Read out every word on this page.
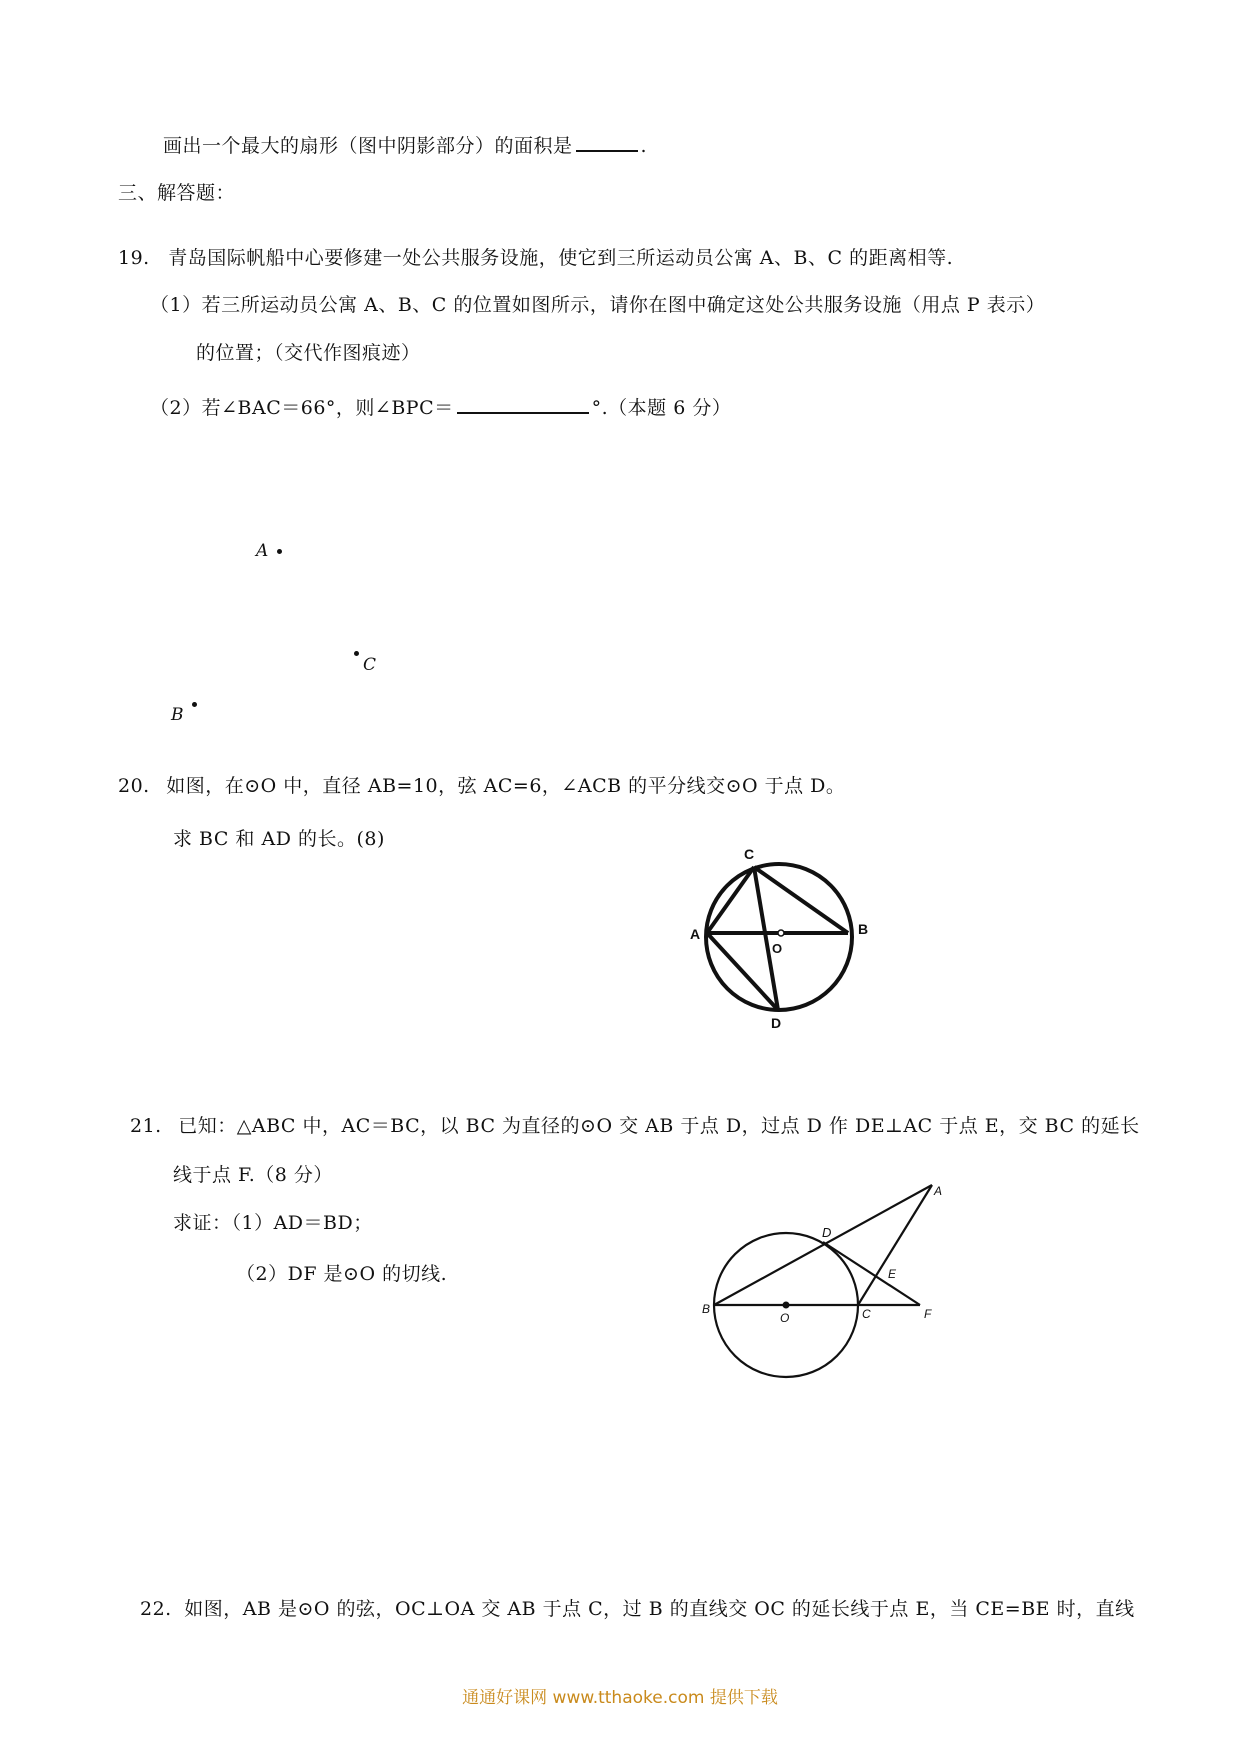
画出一个最大的扇形（图中阴影部分）的面积是	.
三、解答题：
19. 青岛国际帆船中心要修建一处公共服务设施，使它到三所运动员公寓 A、B、C 的距离相等.
（1）若三所运动员公寓 A、B、C 的位置如图所示，请你在图中确定这处公共服务设施（用点 P 表示）
的位置；（交代作图痕迹）
（2）若∠BAC＝66°，则∠BPC＝	°.（本题 6 分）
A
C
B
20. 如图，在⊙O 中，直径 AB=10，弦 AC=6，∠ACB 的平分线交⊙O 于点 D。
求 BC 和 AD 的长。(8)
C
A	B
O
D
21. 已知：△ABC 中，AC＝BC，以 BC 为直径的⊙O 交 AB 于点 D，过点 D 作 DE⊥AC 于点 E，交 BC 的延长
线于点 F.（8 分）
求证：（1）AD＝BD；
（2）DF 是⊙O 的切线.
A
D
E
B
O	C	F
22. 如图，AB 是⊙O 的弦，OC⊥OA 交 AB 于点 C，过 B 的直线交 OC 的延长线于点 E，当 CE=BE 时，直线
通通好课网 www.tthaoke.com 提供下载
